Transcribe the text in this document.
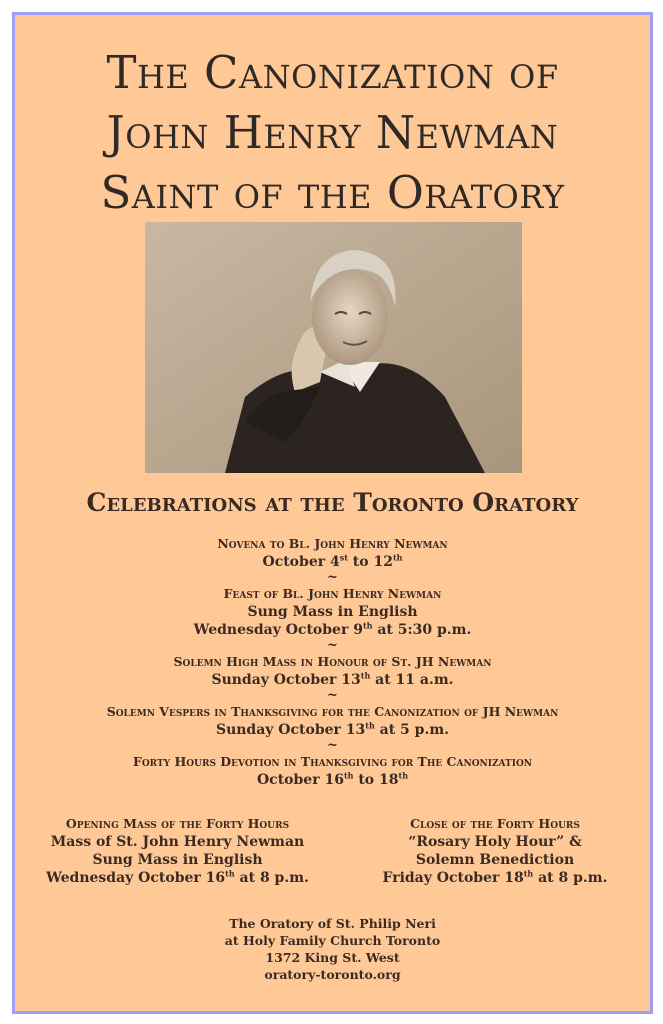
The Canonization of
John Henry Newman
Saint of the Oratory
Celebrations at the Toronto Oratory
Novena to Bl. John Henry Newman
October 4st to 12th
~
Feast of Bl. John Henry Newman
Sung Mass in English
Wednesday October 9th at 5:30 p.m.
~
Solemn High Mass in Honour of St. JH Newman
Sunday October 13th at 11 a.m.
~
Solemn Vespers in Thanksgiving for the Canonization of JH Newman
Sunday October 13th at 5 p.m.
~
Forty Hours Devotion in Thanksgiving for The Canonization
October 16th to 18th
Opening Mass of the Forty Hours
Mass of St. John Henry Newman
Sung Mass in English
Wednesday October 16th at 8 p.m.
Close of the Forty Hours
“Rosary Holy Hour” &
Solemn Benediction
Friday October 18th at 8 p.m.
The Oratory of St. Philip Neri
at Holy Family Church Toronto
1372 King St. West
oratory-toronto.org
